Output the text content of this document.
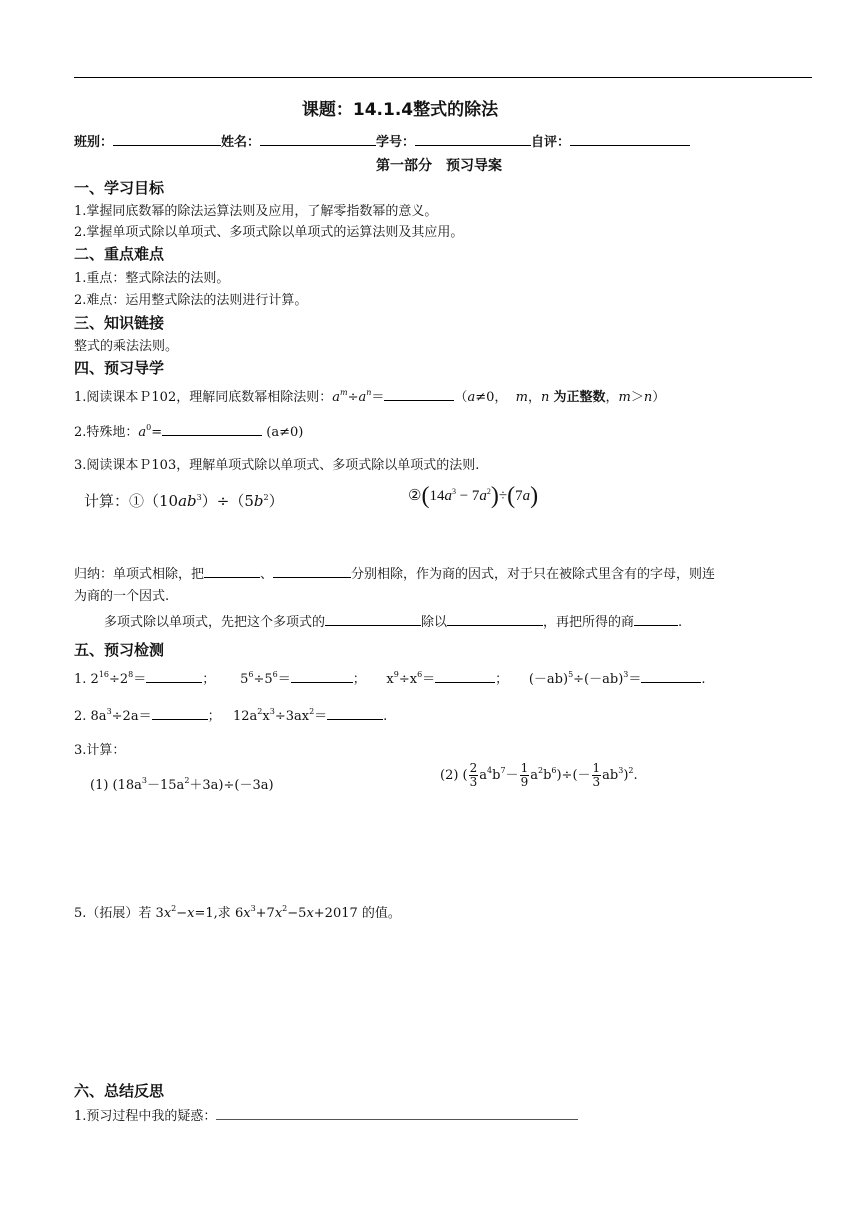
课题：14.1.4整式的除法
班别：	姓名：	学号：	自评：
第一部分　预习导案
一、学习目标
1.掌握同底数幂的除法运算法则及应用，了解零指数幂的意义。
2.掌握单项式除以单项式、多项式除以单项式的运算法则及其应用。
二、重点难点
1.重点：整式除法的法则。
2.难点：运用整式除法的法则进行计算。
三、知识链接
整式的乘法法则。
四、预习导学
1.阅读课本Ｐ102，理解同底数幂相除法则：$a^m\div a^n=$	（a≠0，  m，n 为正整数，m＞n）
2.特殊地：$a^0=$	(a≠0)
3.阅读课本Ｐ103，理解单项式除以单项式、多项式除以单项式的法则.
计算：$①(10ab^3)\div(5b^2)$	$②(14a^3 - 7a^2)\div(7a)$
归纳：单项式相除，把	、	分别相除，作为商的因式，对于只在被除式里含有的字母，则连
为商的一个因式.
多项式除以单项式，先把这个多项式的	除以	，再把所得的商	.
五、预习检测
1. $2^{16}\div 2^8=$	；      $5^6\div 5^6=$	；     $x^9\div x^6=$	；     $(-ab)^5\div(-ab)^3=$	.
2. $8a^3\div 2a=$	；   $12a^2x^3\div 3ax^2=$	.
3.计算：
(1) $(18a^3-15a^2+3a)\div(-3a)$
(2) ( $\frac{2}{3} a^4b^7- \frac{1}{9} a^2b^6)\div(- \frac{1}{3} ab^3)^2$.
5.（拓展）若 $3x^2-x=1$,求 $6x^3+7x^2-5x+2017$ 的值。
六、总结反思
1.预习过程中我的疑惑：
